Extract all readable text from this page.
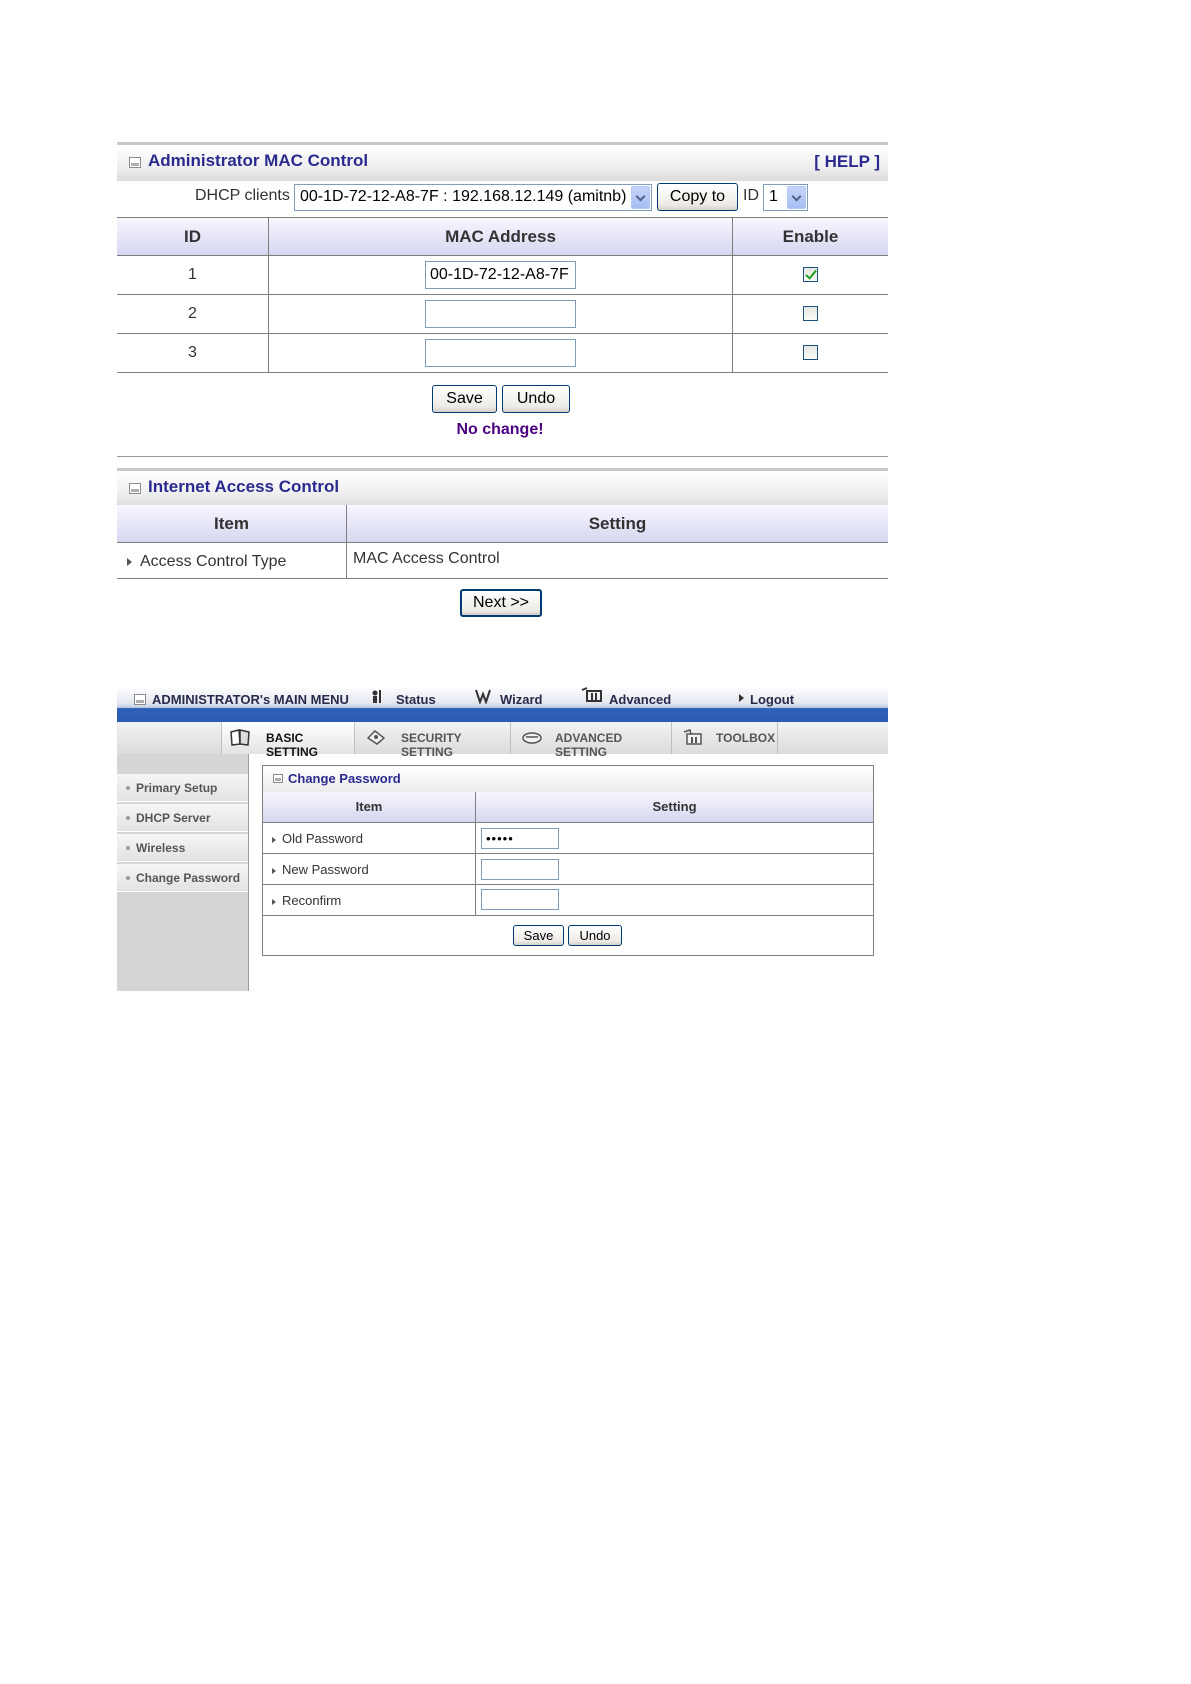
Administrator MAC Control	[ HELP ]
DHCP clients 00-1D-72-12-A8-7F : 192.168.12.149 (amitnb)	Copy to	ID 1
ID	MAC Address	Enable
1	00-1D-72-12-A8-7F
2
3
Save	Undo
No change!
Internet Access Control
Item	Setting
Access Control Type	MAC Access Control
Next >>
ADMINISTRATOR's MAIN MENU	Status	Wizard	Advanced	Logout
BASIC SETTING
SECURITY SETTING
ADVANCED SETTING
TOOLBOX
Primary Setup
DHCP Server
Wireless
Change Password
Change Password
Item	Setting
Old Password	•••••
New Password
Reconfirm
Save	Undo
